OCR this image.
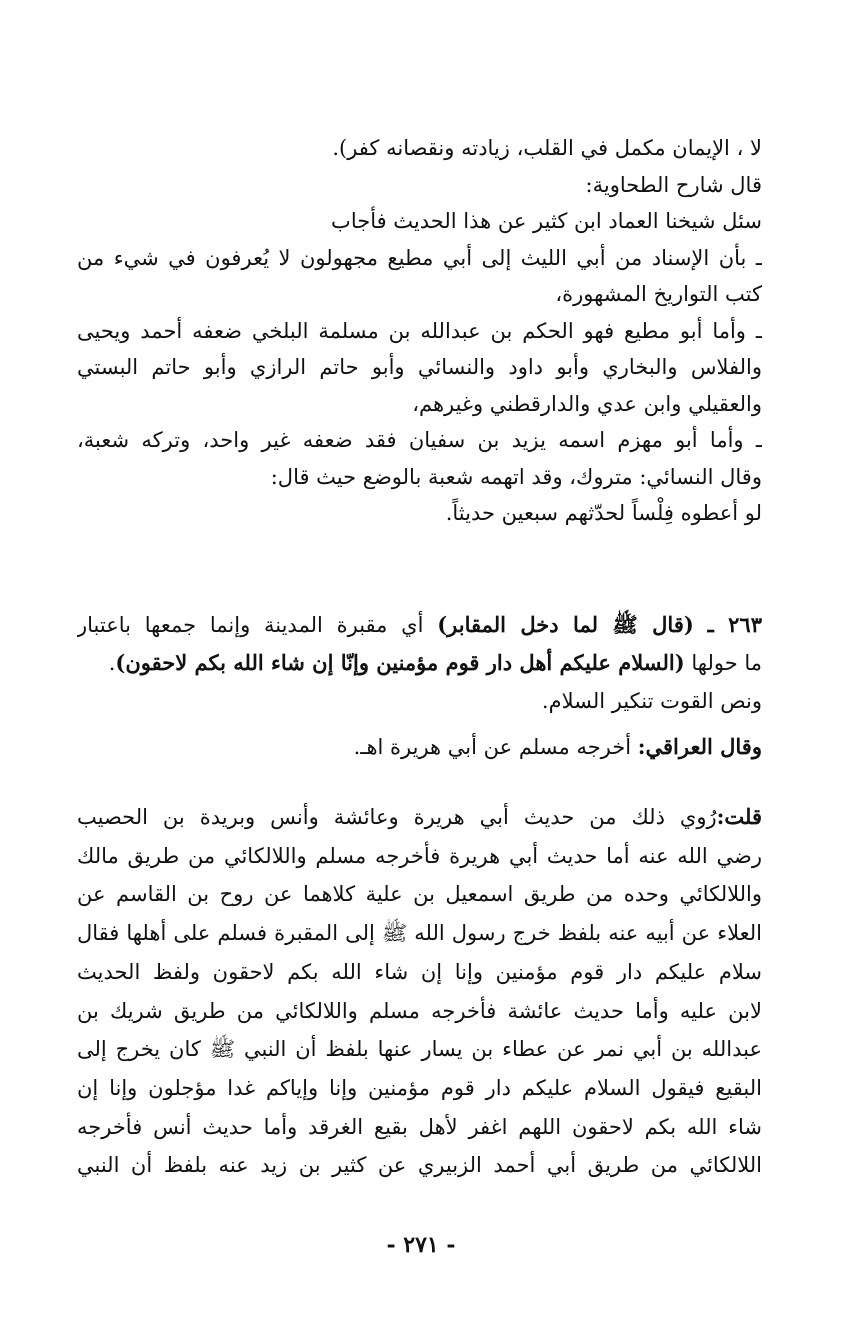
لا ، الإيمان مكمل في القلب، زيادته ونقصانه كفر).
قال شارح الطحاوية:
سئل شيخنا العماد ابن كثير عن هذا الحديث فأجاب
ـ بأن الإسناد من أبي الليث إلى أبي مطيع مجهولون لا يُعرفون في شيء من
كتب التواريخ المشهورة،
ـ وأما أبو مطيع فهو الحكم بن عبدالله بن مسلمة البلخي ضعفه أحمد ويحيى
والفلاس والبخاري وأبو داود والنسائي وأبو حاتم الرازي وأبو حاتم البستي
والعقيلي وابن عدي والدارقطني وغيرهم،
ـ وأما أبو مهزم اسمه يزيد بن سفيان فقد ضعفه غير واحد، وتركه شعبة،
وقال النسائي: متروك، وقد اتهمه شعبة بالوضع حيث قال:
لو أعطوه فِلْساً لحدّثهم سبعين حديثاً.
٢٦٣ ـ (قال ﷺ لما دخل المقابر) أي مقبرة المدينة وإنما جمعها باعتبار
ما حولها (السلام عليكم أهل دار قوم مؤمنين وإنّا إن شاء الله بكم لاحقون).
ونص القوت تنكير السلام.
وقال العراقي: أخرجه مسلم عن أبي هريرة اهـ.
قلت:رُوي ذلك من حديث أبي هريرة وعائشة وأنس وبريدة بن الحصيب
رضي الله عنه أما حديث أبي هريرة فأخرجه مسلم واللالكائي من طريق مالك
واللالكائي وحده من طريق اسمعيل بن علية كلاهما عن روح بن القاسم عن
العلاء عن أبيه عنه بلفظ خرج رسول الله ﷺ إلى المقبرة فسلم على أهلها فقال
سلام عليكم دار قوم مؤمنين وإنا إن شاء الله بكم لاحقون ولفظ الحديث
لابن عليه وأما حديث عائشة فأخرجه مسلم واللالكائي من طريق شريك بن
عبدالله بن أبي نمر عن عطاء بن يسار عنها بلفظ أن النبي ﷺ كان يخرج إلى
البقيع فيقول السلام عليكم دار قوم مؤمنين وإنا وإياكم غدا مؤجلون وإنا إن
شاء الله بكم لاحقون اللهم اغفر لأهل بقيع الغرقد وأما حديث أنس فأخرجه
اللالكائي من طريق أبي أحمد الزبيري عن كثير بن زيد عنه بلفظ أن النبي
- ٢٧١ -
